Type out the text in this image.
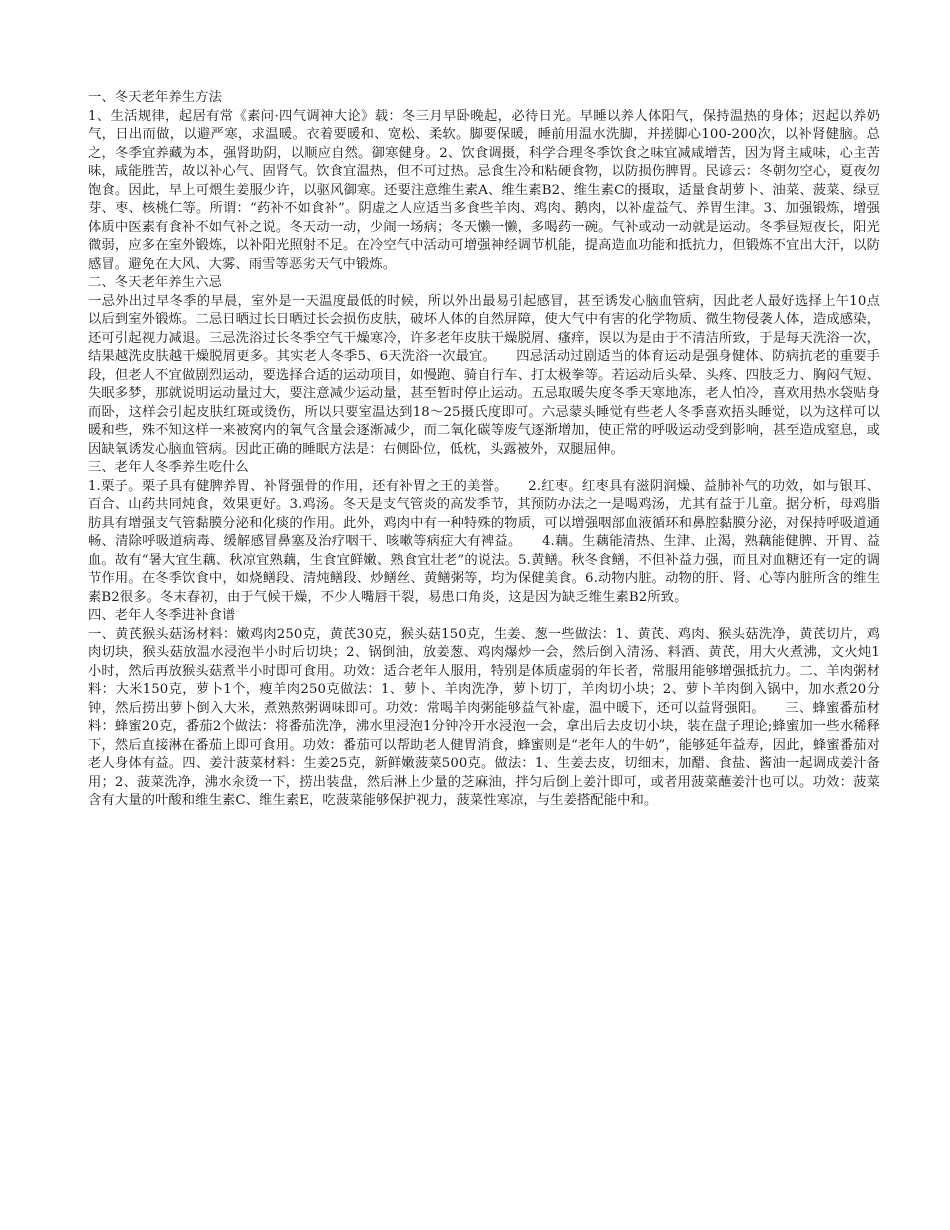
一、冬天老年养生方法

1、生活规律，起居有常《素问·四气调神大论》载：冬三月早卧晚起，必待日光。早睡以养人体阳气，保持温热的身体；迟起以养奶气，日出而做，以避严寒，求温暖。衣着要暖和、宽松、柔软。脚要保暖，睡前用温水洗脚，并搓脚心100-200次，以补肾健脑。总之，冬季宜养藏为本，强肾助阴，以顺应自然。御寒健身。2、饮食调摄，科学合理冬季饮食之味宜减咸增苦，因为肾主咸味，心主苦味，咸能胜苦，故以补心气、固肾气。饮食宜温热，但不可过热。忌食生冷和粘硬食物，以防损伤脾胃。民谚云：冬朝勿空心，夏夜勿饱食。因此，早上可煨生姜服少许，以驱风御寒。还要注意维生素A、维生素B2、维生素C的摄取，适量食胡萝卜、油菜、菠菜、绿豆芽、枣、核桃仁等。所谓：“药补不如食补”。阴虚之人应适当多食些羊肉、鸡肉、鹅肉，以补虚益气、养胃生津。3、加强锻炼，增强体质中医素有食补不如气补之说。冬天动一动，少闹一场病；冬天懒一懒，多喝药一碗。气补或动一动就是运动。冬季昼短夜长，阳光微弱，应多在室外锻炼，以补阳光照射不足。在冷空气中活动可增强神经调节机能，提高造血功能和抵抗力，但锻炼不宜出大汗，以防感冒。避免在大风、大雾、雨雪等恶劣天气中锻炼。

二、冬天老年养生六忌

一忌外出过早冬季的早晨，室外是一天温度最低的时候，所以外出最易引起感冒，甚至诱发心脑血管病，因此老人最好选择上午10点以后到室外锻炼。二忌日晒过长日晒过长会损伤皮肤，破坏人体的自然屏障，使大气中有害的化学物质、微生物侵袭人体，造成感染，还可引起视力减退。三忌洗浴过长冬季空气干燥寒冷，许多老年皮肤干燥脱屑、瘙痒，误以为是由于不清洁所致，于是每天洗浴一次，结果越洗皮肤越干燥脱屑更多。其实老人冬季5、6天洗浴一次最宜。　　四忌活动过剧适当的体育运动是强身健体、防病抗老的重要手段，但老人不宜做剧烈运动，要选择合适的运动项目，如慢跑、骑自行车、打太极拳等。若运动后头晕、头疼、四肢乏力、胸闷气短、失眠多梦，那就说明运动量过大，要注意减少运动量，甚至暂时停止运动。五忌取暖失度冬季天寒地冻，老人怕冷，喜欢用热水袋贴身而卧，这样会引起皮肤红斑或烫伤，所以只要室温达到18～25摄氏度即可。六忌蒙头睡觉有些老人冬季喜欢捂头睡觉，以为这样可以暖和些，殊不知这样一来被窝内的氧气含量会逐渐减少，而二氧化碳等废气逐渐增加，使正常的呼吸运动受到影响，甚至造成窒息，或因缺氧诱发心脑血管病。因此正确的睡眠方法是：右侧卧位，低枕，头露被外，双腿屈伸。

三、老年人冬季养生吃什么

1.栗子。栗子具有健脾养胃、补肾强骨的作用，还有补胃之王的美誉。　　2.红枣。红枣具有滋阴润燥、益肺补气的功效，如与银耳、百合、山药共同炖食，效果更好。3.鸡汤。冬天是支气管炎的高发季节，其预防办法之一是喝鸡汤，尤其有益于儿童。据分析，母鸡脂肪具有增强支气管黏膜分泌和化痰的作用。此外，鸡肉中有一种特殊的物质，可以增强咽部血液循环和鼻腔黏膜分泌，对保持呼吸道通畅、清除呼吸道病毒、缓解感冒鼻塞及治疗咽干、咳嗽等病症大有裨益。　　4.藕。生藕能清热、生津、止渴，熟藕能健脾、开胃、益血。故有“暑大宜生藕、秋凉宜熟藕，生食宜鲜嫩、熟食宜壮老”的说法。5.黄鳝。秋冬食鳝，不但补益力强，而且对血糖还有一定的调节作用。在冬季饮食中，如烧鳝段、清炖鳝段、炒鳝丝、黄鳝粥等，均为保健美食。6.动物内脏。动物的肝、肾、心等内脏所含的维生素B2很多。冬末春初，由于气候干燥，不少人嘴唇干裂，易患口角炎，这是因为缺乏维生素B2所致。

四、老年人冬季进补食谱

一、黄芪猴头菇汤材料：嫩鸡肉250克，黄芪30克，猴头菇150克，生姜、葱一些做法：1、黄芪、鸡肉、猴头菇洗净，黄芪切片，鸡肉切块，猴头菇放温水浸泡半小时后切块；2、锅倒油，放姜葱、鸡肉爆炒一会，然后倒入清汤、料酒、黄芪，用大火煮沸，文火炖1小时，然后再放猴头菇煮半小时即可食用。功效：适合老年人服用，特别是体质虚弱的年长者，常服用能够增强抵抗力。二、羊肉粥材料：大米150克，萝卜1个，瘦羊肉250克做法：1、萝卜、羊肉洗净，萝卜切丁，羊肉切小块；2、萝卜羊肉倒入锅中，加水煮20分钟，然后捞出萝卜倒入大米，煮熟熬粥调味即可。功效：常喝羊肉粥能够益气补虚，温中暖下，还可以益肾强阳。　　三、蜂蜜番茄材料：蜂蜜20克，番茄2个做法：将番茄洗净，沸水里浸泡1分钟冷开水浸泡一会，拿出后去皮切小块，装在盘子理论;蜂蜜加一些水稀释下，然后直接淋在番茄上即可食用。功效：番茄可以帮助老人健胃消食，蜂蜜则是“老年人的牛奶”，能够延年益寿，因此，蜂蜜番茄对老人身体有益。四、姜汁菠菜材料：生姜25克，新鲜嫩菠菜500克。做法：1、生姜去皮，切细末，加醋、食盐、酱油一起调成姜汁备用；2、菠菜洗净，沸水汆烫一下，捞出装盘，然后淋上少量的芝麻油，拌匀后倒上姜汁即可，或者用菠菜蘸姜汁也可以。功效：菠菜含有大量的叶酸和维生素C、维生素E，吃菠菜能够保护视力，菠菜性寒凉，与生姜搭配能中和。
